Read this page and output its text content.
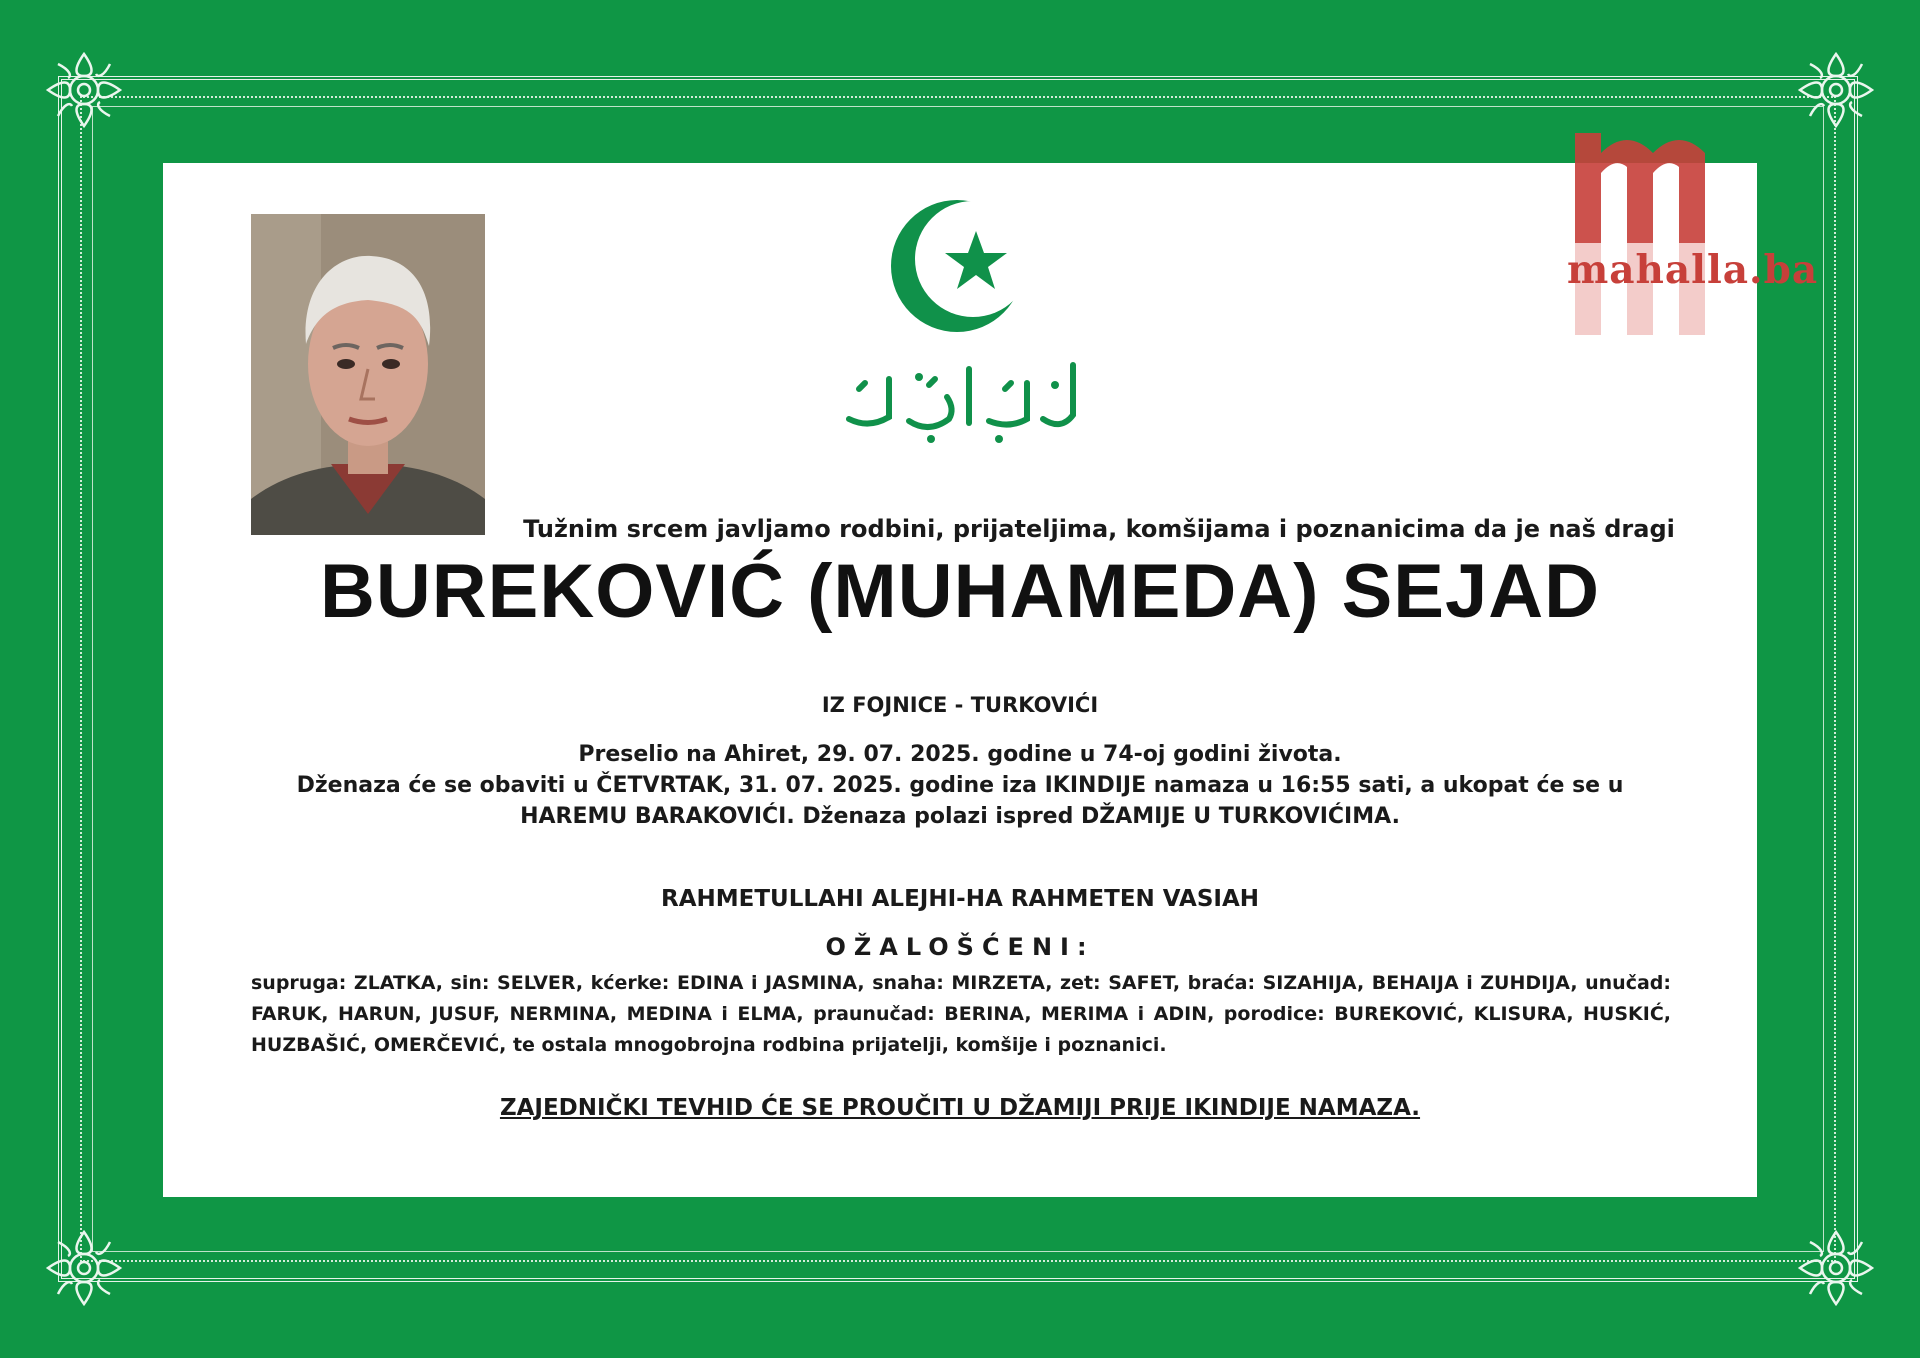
mahalla.ba
Tužnim srcem javljamo rodbini, prijateljima, komšijama i poznanicima da je naš dragi
BUREKOVIĆ (MUHAMEDA) SEJAD
IZ FOJNICE - TURKOVIĆI
Preselio na Ahiret, 29. 07. 2025. godine u 74-oj godini života.
Dženaza će se obaviti u ČETVRTAK, 31. 07. 2025. godine iza IKINDIJE namaza u 16:55 sati, a ukopat će se u
HAREMU BARAKOVIĆI. Dženaza polazi ispred DŽAMIJE U TURKOVIĆIMA.
RAHMETULLAHI ALEJHI-HA RAHMETEN VASIAH
OŽALOŠĆENI:
supruga: ZLATKA, sin: SELVER, kćerke: EDINA i JASMINA, snaha: MIRZETA, zet: SAFET, braća: SIZAHIJA, BEHAIJA i ZUHDIJA, unučad: FARUK, HARUN, JUSUF, NERMINA, MEDINA i ELMA, praunučad: BERINA, MERIMA i ADIN, porodice: BUREKOVIĆ, KLISURA, HUSKIĆ, HUZBAŠIĆ, OMERČEVIĆ, te ostala mnogobrojna rodbina prijatelji, komšije i poznanici.
ZAJEDNIČKI TEVHID ĆE SE PROUČITI U DŽAMIJI PRIJE IKINDIJE NAMAZA.
